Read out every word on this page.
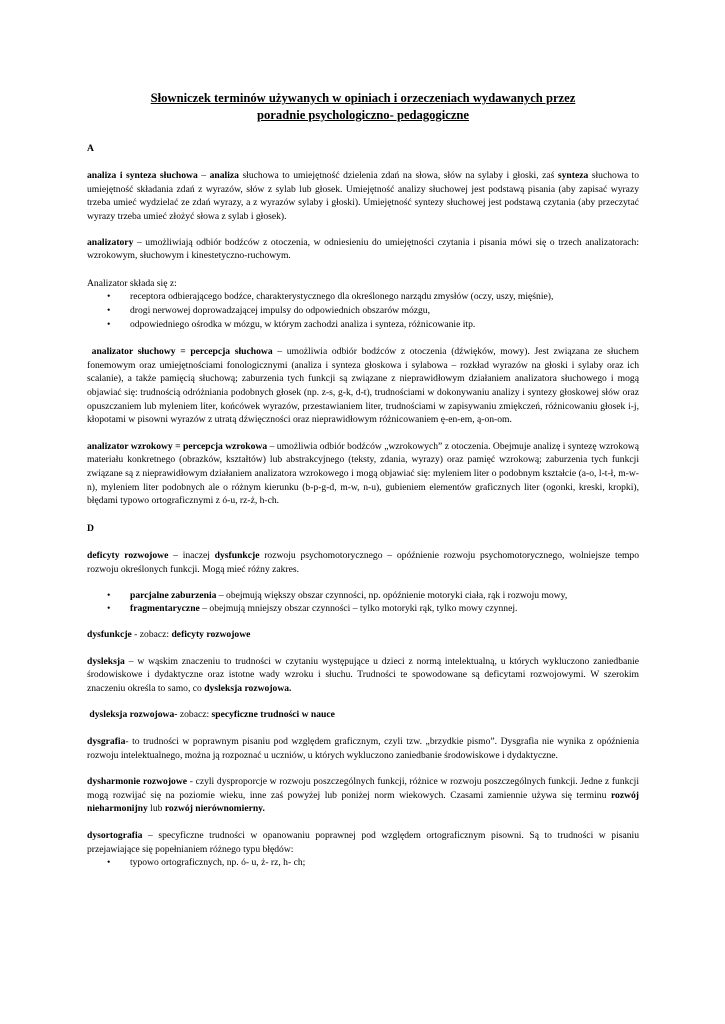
Słowniczek terminów używanych w opiniach i orzeczeniach wydawanych przez
poradnie psychologiczno- pedagogiczne

A

analiza i synteza słuchowa – analiza słuchowa to umiejętność dzielenia zdań na słowa, słów na sylaby i głoski, zaś synteza słuchowa to umiejętność składania zdań z wyrazów, słów z sylab lub głosek. Umiejętność analizy słuchowej jest podstawą pisania (aby zapisać wyrazy trzeba umieć wydzielać ze zdań wyrazy, a z wyrazów sylaby i głoski). Umiejętność syntezy słuchowej jest podstawą czytania (aby przeczytać wyrazy trzeba umieć złożyć słowa z sylab i głosek).

analizatory – umożliwiają odbiór bodźców z otoczenia, w odniesieniu do umiejętności czytania i pisania mówi się o trzech analizatorach: wzrokowym, słuchowym i kinestetyczno-ruchowym.

Analizator składa się z:

• receptora odbierającego bodźce, charakterystycznego dla określonego narządu zmysłów (oczy, uszy, mięśnie),
• drogi nerwowej doprowadzającej impulsy do odpowiednich obszarów mózgu,
• odpowiedniego ośrodka w mózgu, w którym zachodzi analiza i synteza, różnicowanie itp.

analizator słuchowy = percepcja słuchowa – umożliwia odbiór bodźców z otoczenia (dźwięków, mowy). Jest związana ze słuchem fonemowym oraz umiejętnościami fonologicznymi (analiza i synteza głoskowa i sylabowa – rozkład wyrazów na głoski i sylaby oraz ich scalanie), a także pamięcią słuchową; zaburzenia tych funkcji są związane z nieprawidłowym działaniem analizatora słuchowego i mogą objawiać się: trudnością odróżniania podobnych głosek (np. z-s, g-k, d-t), trudnościami w dokonywaniu analizy i syntezy głoskowej słów oraz opuszczaniem lub myleniem liter, końcówek wyrazów, przestawianiem liter, trudnościami w zapisywaniu zmiękczeń, różnicowaniu głosek i-j, kłopotami w pisowni wyrazów z utratą dźwięczności oraz nieprawidłowym różnicowaniem ę-en-em, ą-on-om.

analizator wzrokowy = percepcja wzrokowa – umożliwia odbiór bodźców „wzrokowych” z otoczenia. Obejmuje analizę i syntezę wzrokową materiału konkretnego (obrazków, kształtów) lub abstrakcyjnego (teksty, zdania, wyrazy) oraz pamięć wzrokową; zaburzenia tych funkcji związane są z nieprawidłowym działaniem analizatora wzrokowego i mogą objawiać się: myleniem liter o podobnym kształcie (a-o, l-t-ł, m-w-n), myleniem liter podobnych ale o różnym kierunku (b-p-g-d, m-w, n-u), gubieniem elementów graficznych liter (ogonki, kreski, kropki), błędami typowo ortograficznymi z ó-u, rz-ż, h-ch.

D

deficyty rozwojowe – inaczej dysfunkcje rozwoju psychomotorycznego – opóźnienie rozwoju psychomotorycznego, wolniejsze tempo rozwoju określonych funkcji. Mogą mieć różny zakres.

• parcjalne zaburzenia – obejmują większy obszar czynności, np. opóźnienie motoryki ciała, rąk i rozwoju mowy,
• fragmentaryczne – obejmują mniejszy obszar czynności – tylko motoryki rąk, tylko mowy czynnej.

dysfunkcje - zobacz: deficyty rozwojowe

dysleksja – w wąskim znaczeniu to trudności w czytaniu występujące u dzieci z normą intelektualną, u których wykluczono zaniedbanie środowiskowe i dydaktyczne oraz istotne wady wzroku i słuchu. Trudności te spowodowane są deficytami rozwojowymi. W szerokim znaczeniu określa to samo, co dysleksja rozwojowa.

dysleksja rozwojowa- zobacz: specyficzne trudności w nauce

dysgrafia- to trudności w poprawnym pisaniu pod względem graficznym, czyli tzw. „brzydkie pismo”. Dysgrafia nie wynika z opóźnienia rozwoju intelektualnego, można ją rozpoznać u uczniów, u których wykluczono zaniedbanie środowiskowe i dydaktyczne.

dysharmonie rozwojowe - czyli dysproporcje w rozwoju poszczególnych funkcji, różnice w rozwoju poszczególnych funkcji. Jedne z funkcji mogą rozwijać się na poziomie wieku, inne zaś powyżej lub poniżej norm wiekowych. Czasami zamiennie używa się terminu rozwój nieharmonijny lub rozwój nierównomierny.

dysortografia – specyficzne trudności w opanowaniu poprawnej pod względem ortograficznym pisowni. Są to trudności w pisaniu przejawiające się popełnianiem różnego typu błędów:

• typowo ortograficznych, np. ó- u, ż- rz, h- ch;
